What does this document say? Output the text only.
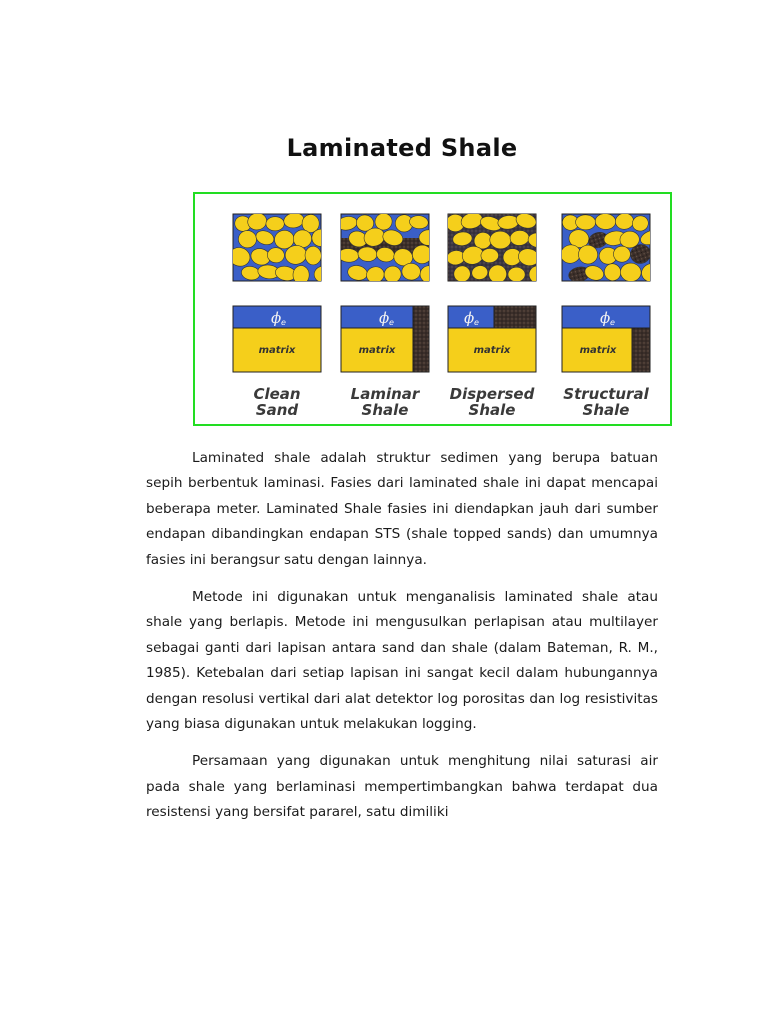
Laminated Shale
ϕ e
matrix
Clean
Sand
ϕ e
matrix
Laminar
Shale
ϕ e
matrix
Dispersed
Shale
ϕ e
matrix
Structural
Shale

Laminated shale adalah struktur sedimen yang berupa batuan sepih berbentuk laminasi. Fasies dari laminated shale ini dapat mencapai beberapa meter. Laminated Shale fasies ini diendapkan jauh dari sumber endapan dibandingkan endapan STS (shale topped sands) dan umumnya fasies ini berangsur satu dengan lainnya.

Metode ini digunakan untuk menganalisis laminated shale atau shale yang berlapis. Metode ini mengusulkan perlapisan atau multilayer sebagai ganti dari lapisan antara sand dan shale (dalam Bateman, R. M., 1985). Ketebalan dari setiap lapisan ini sangat kecil dalam hubungannya dengan resolusi vertikal dari alat detektor log porositas dan log resistivitas yang biasa digunakan untuk melakukan logging.

Persamaan yang digunakan untuk menghitung nilai saturasi air pada shale yang berlaminasi mempertimbangkan bahwa terdapat dua resistensi yang bersifat pararel, satu dimiliki
